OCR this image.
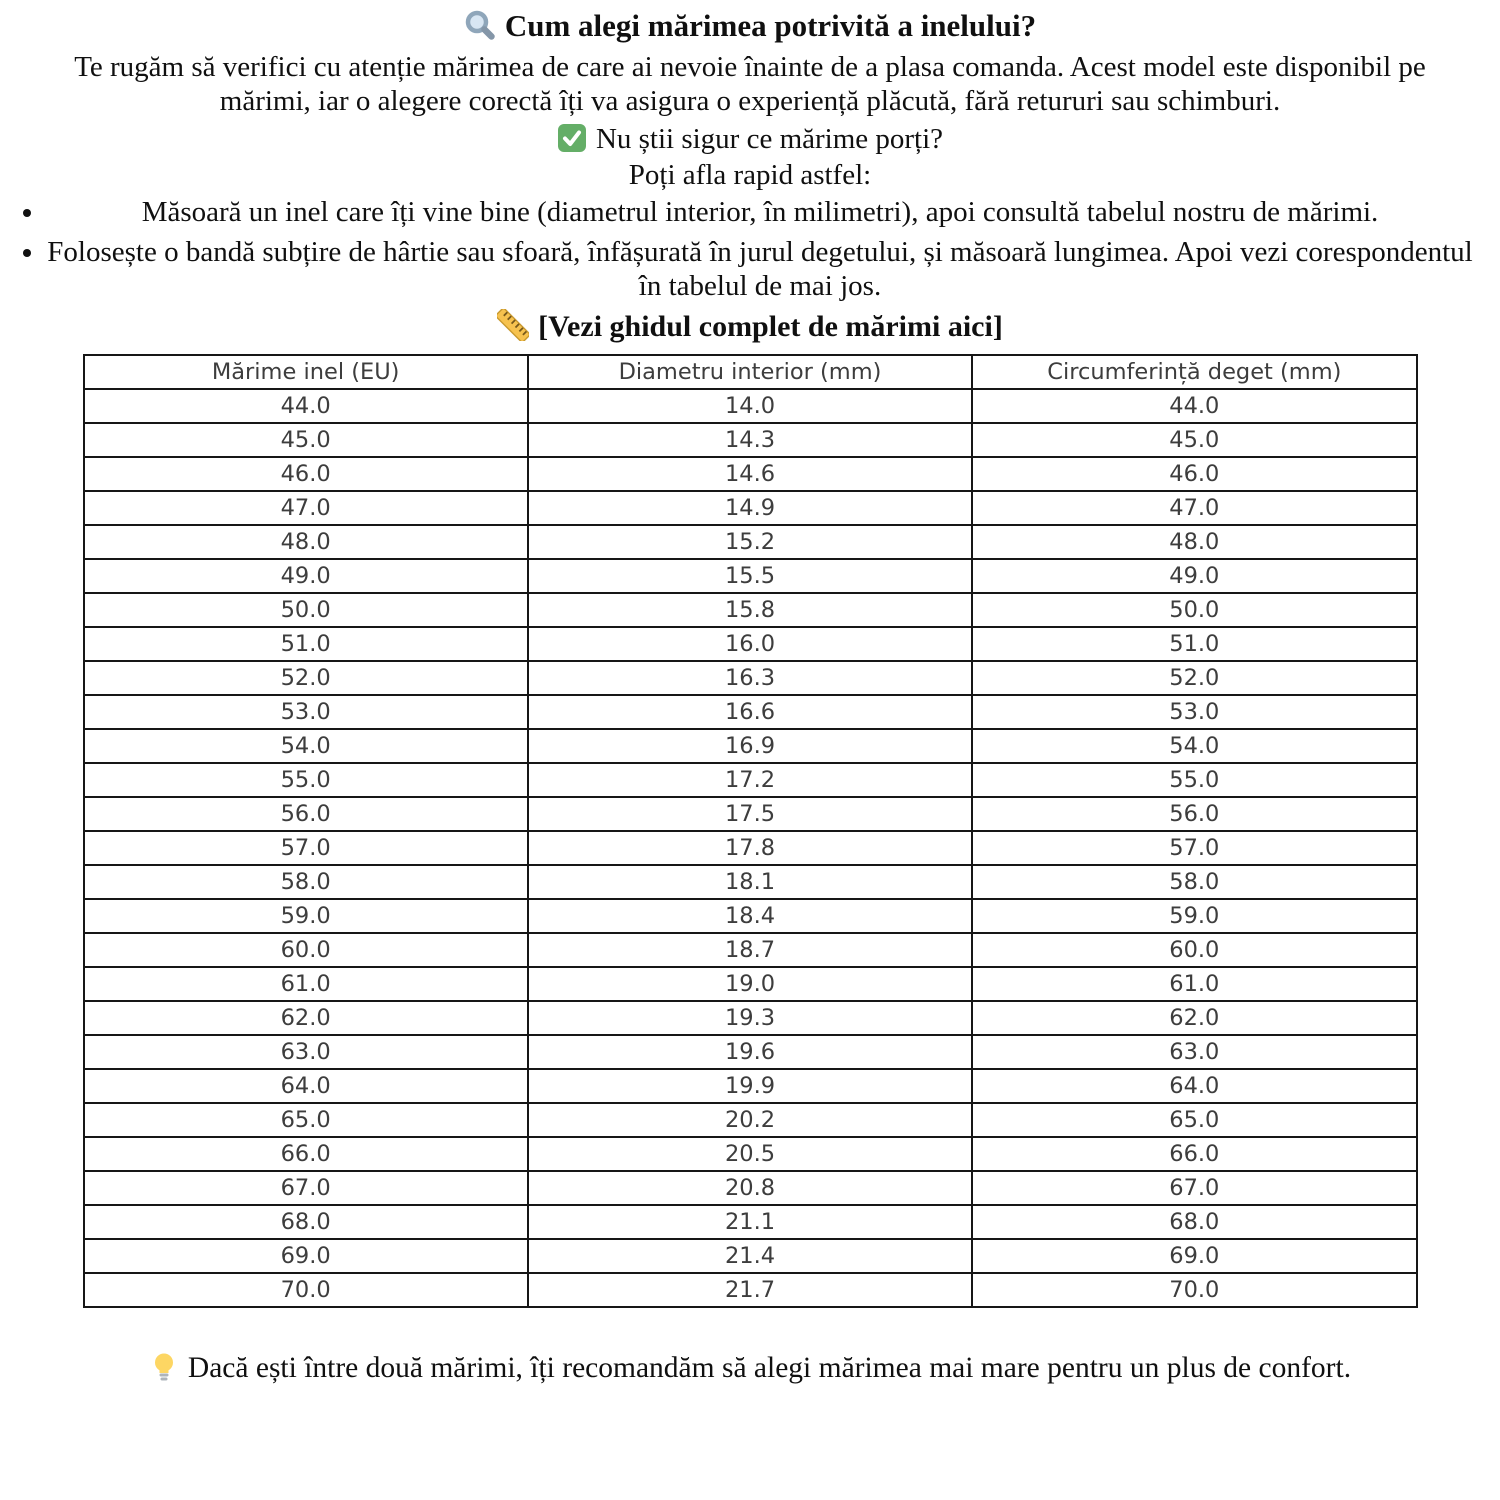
Cum alegi mărimea potrivită a inelului?

Te rugăm să verifici cu atenție mărimea de care ai nevoie înainte de a plasa comanda. Acest model este disponibil pe mărimi, iar o alegere corectă îți va asigura o experiență plăcută, fără retururi sau schimburi.

Nu știi sigur ce mărime porți?
Poți afla rapid astfel:
• Măsoară un inel care îți vine bine (diametrul interior, în milimetri), apoi consultă tabelul nostru de mărimi.
• Folosește o bandă subțire de hârtie sau sfoară, înfășurată în jurul degetului, și măsoară lungimea. Apoi vezi corespondentul în tabelul de mai jos.
[Vezi ghidul complet de mărimi aici]
Mărime inel (EU)	Diametru interior (mm)	Circumferință deget (mm)
44.0	14.0	44.0
45.0	14.3	45.0
46.0	14.6	46.0
47.0	14.9	47.0
48.0	15.2	48.0
49.0	15.5	49.0
50.0	15.8	50.0
51.0	16.0	51.0
52.0	16.3	52.0
53.0	16.6	53.0
54.0	16.9	54.0
55.0	17.2	55.0
56.0	17.5	56.0
57.0	17.8	57.0
58.0	18.1	58.0
59.0	18.4	59.0
60.0	18.7	60.0
61.0	19.0	61.0
62.0	19.3	62.0
63.0	19.6	63.0
64.0	19.9	64.0
65.0	20.2	65.0
66.0	20.5	66.0
67.0	20.8	67.0
68.0	21.1	68.0
69.0	21.4	69.0
70.0	21.7	70.0
Dacă ești între două mărimi, îți recomandăm să alegi mărimea mai mare pentru un plus de confort.
